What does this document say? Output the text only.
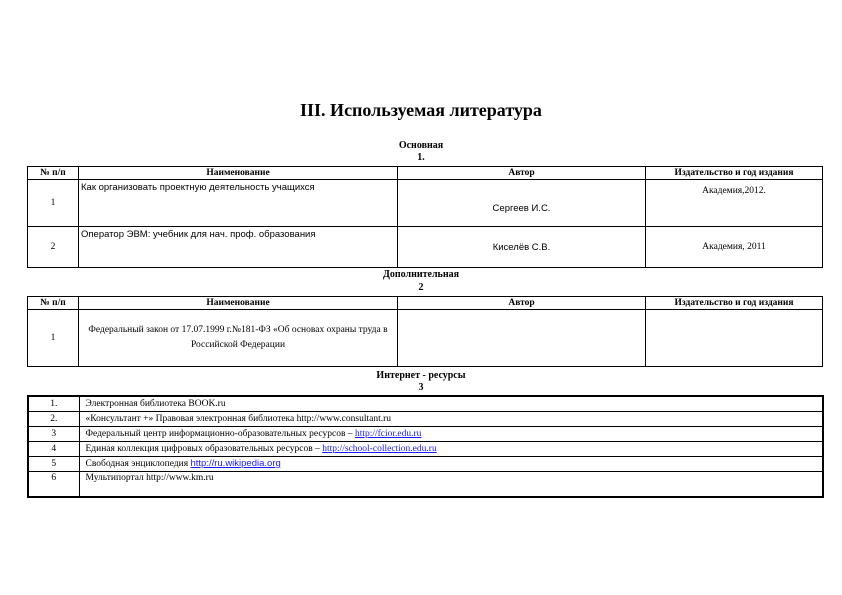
III. Используемая литература
Основная
1.
№ п/п	Наименование	Автор	Издательство и год издания
1	Как организовать проектную деятельность учащихся	Сергеев И.С.	Академия,2012.
2	Оператор ЭВМ: учебник для нач. проф. образования	Киселёв С.В.	Академия, 2011
Дополнительная
2
№ п/п	Наименование	Автор	Издательство и год издания
1	Федеральный закон от 17.07.1999 г.№181-ФЗ «Об основах охраны труда в Российской Федерации		
Интернет - ресурсы
3
1.	Электронная библиотека BOOK.ru
2.	«Консультант +» Правовая электронная библиотека http://www.consultant.ru
3	Федеральный центр информационно-образовательных ресурсов – http://fcior.edu.ru
4	Единая коллекция цифровых образовательных ресурсов – http://school-collection.edu.ru
5	Свободная энциклопедия http://ru.wikipedia.org
6	Мультипортал http://www.km.ru
